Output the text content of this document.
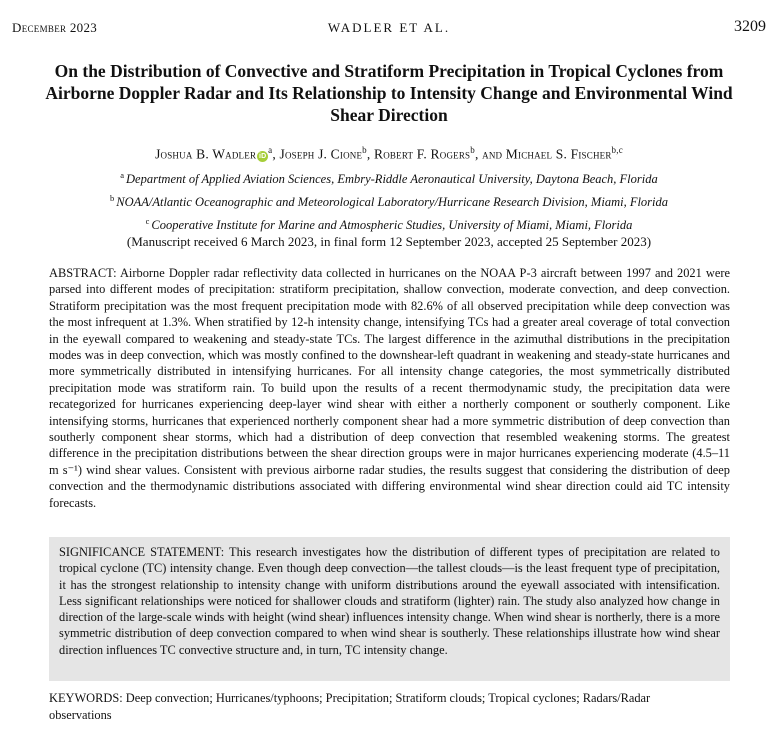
December 2023	WADLER ET AL.	3209
On the Distribution of Convective and Stratiform Precipitation in Tropical Cyclones from Airborne Doppler Radar and Its Relationship to Intensity Change and Environmental Wind Shear Direction
Joshua B. Wadler $iD^a$, Joseph J. Cione$^b$, Robert F. Rogers$^b$, and Michael S. Fischer$^{b,c}$
$^a$ Department of Applied Aviation Sciences, Embry-Riddle Aeronautical University, Daytona Beach, Florida
$^b$ NOAA/Atlantic Oceanographic and Meteorological Laboratory/Hurricane Research Division, Miami, Florida
$^c$ Cooperative Institute for Marine and Atmospheric Studies, University of Miami, Miami, Florida
(Manuscript received 6 March 2023, in final form 12 September 2023, accepted 25 September 2023)
ABSTRACT: Airborne Doppler radar reflectivity data collected in hurricanes on the NOAA P-3 aircraft between 1997 and 2021 were parsed into different modes of precipitation: stratiform precipitation, shallow convection, moderate convection, and deep convection. Stratiform precipitation was the most frequent precipitation mode with 82.6% of all observed precipitation while deep convection was the most infrequent at 1.3%. When stratified by 12-h intensity change, intensifying TCs had a greater areal coverage of total convection in the eyewall compared to weakening and steady-state TCs. The largest difference in the azimuthal distributions in the precipitation modes was in deep convection, which was mostly confined to the downshear-left quadrant in weakening and steady-state hurricanes and more symmetrically distributed in intensifying hurricanes. For all intensity change categories, the most symmetrically distributed precipitation mode was stratiform rain. To build upon the results of a recent thermodynamic study, the precipitation data were recategorized for hurricanes experiencing deep-layer wind shear with either a northerly component or southerly component. Like intensifying storms, hurricanes that experienced northerly component shear had a more symmetric distribution of deep convection than southerly component shear storms, which had a distribution of deep convection that resembled weakening storms. The greatest difference in the precipitation distributions between the shear direction groups were in major hurricanes experiencing moderate (4.5–11 m s⁻¹) wind shear values. Consistent with previous airborne radar studies, the results suggest that considering the distribution of deep convection and the thermodynamic distributions associated with differing environmental wind shear direction could aid TC intensity forecasts.
SIGNIFICANCE STATEMENT: This research investigates how the distribution of different types of precipitation are related to tropical cyclone (TC) intensity change. Even though deep convection—the tallest clouds—is the least frequent type of precipitation, it has the strongest relationship to intensity change with uniform distributions around the eyewall associated with intensification. Less significant relationships were noticed for shallower clouds and stratiform (lighter) rain. The study also analyzed how change in direction of the large-scale winds with height (wind shear) influences intensity change. When wind shear is northerly, there is a more symmetric distribution of deep convection compared to when wind shear is southerly. These relationships illustrate how wind shear direction influences TC convective structure and, in turn, TC intensity change.
KEYWORDS: Deep convection; Hurricanes/typhoons; Precipitation; Stratiform clouds; Tropical cyclones; Radars/Radar observations
